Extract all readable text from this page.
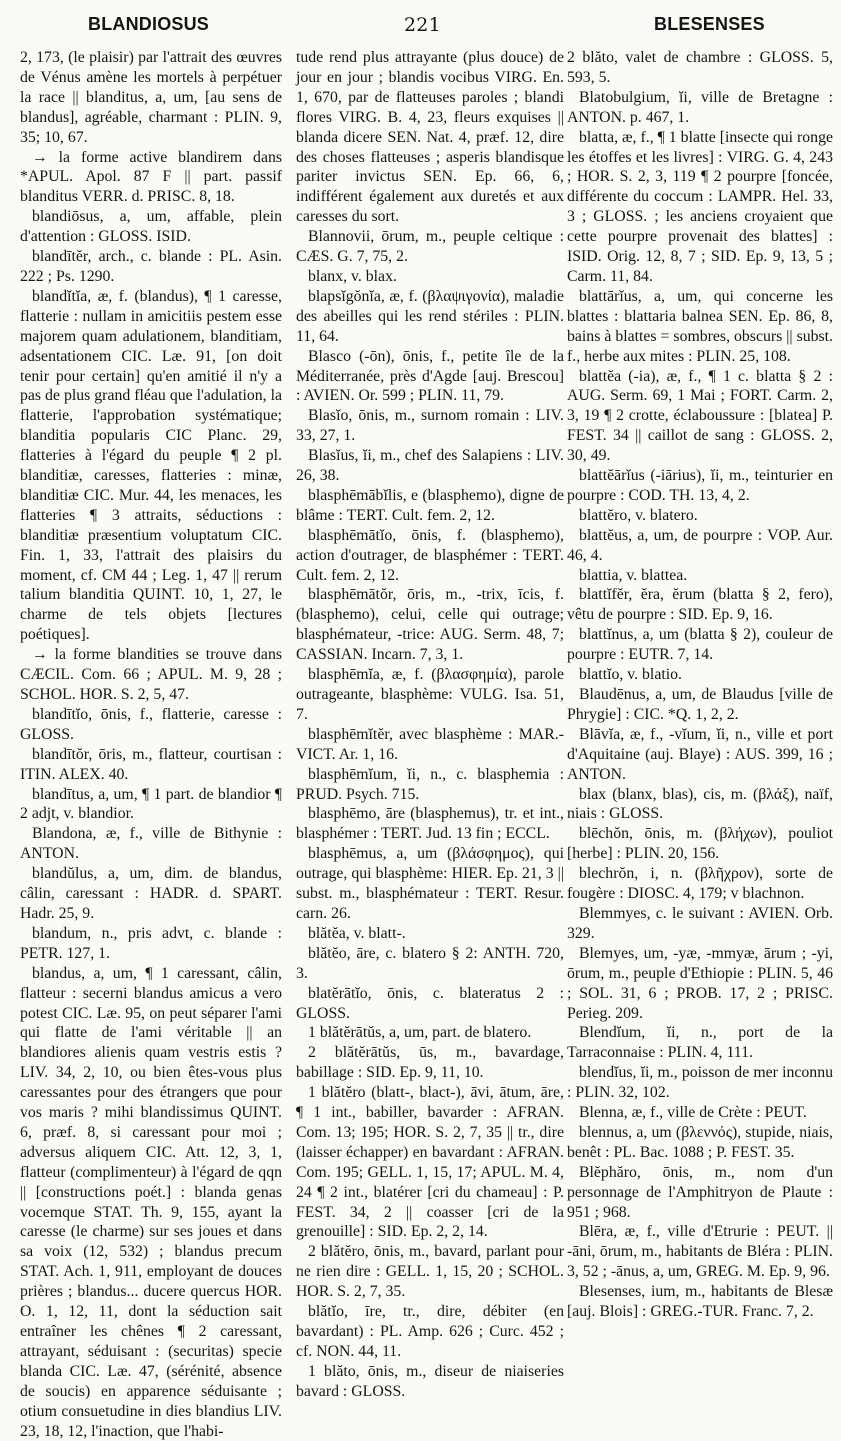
BLANDIOSUS	221	BLESENSES

2, 173, (le plaisir) par l'attrait des œuvres de Vénus amène les mortels à perpétuer la race || blanditus, a, um, [au sens de blandus], agréable, charmant : PLIN. 9, 35; 10, 67.

→ la forme active blandirem dans *APUL. Apol. 87 F || part. passif blanditus VERR. d. PRISC. 8, 18.

blandiōsus, a, um, affable, plein d'attention : GLOSS. ISID.

blandītĕr, arch., c. blande : PL. Asin. 222 ; Ps. 1290.

blandĭtĭa, æ, f. (blandus), ¶ 1 caresse, flatterie : nullam in amicitiis pestem esse majorem quam adulationem, blanditiam, adsentationem CIC. Læ. 91, [on doit tenir pour certain] qu'en amitié il n'y a pas de plus grand fléau que l'adulation, la flatterie, l'approbation systématique; blanditia popularis CIC Planc. 29, flatteries à l'égard du peuple ¶ 2 pl. blanditiæ, caresses, flatteries : minæ, blanditiæ CIC. Mur. 44, les menaces, les flatteries ¶ 3 attraits, séductions : blanditiæ præsentium voluptatum CIC. Fin. 1, 33, l'attrait des plaisirs du moment, cf. CM 44 ; Leg. 1, 47 || rerum talium blanditia QUINT. 10, 1, 27, le charme de tels objets [lectures poétiques].

→ la forme blandities se trouve dans CÆCIL. Com. 66 ; APUL. M. 9, 28 ; SCHOL. HOR. S. 2, 5, 47.

blandītĭo, ōnis, f., flatterie, caresse : GLOSS.

blandītŏr, ōris, m., flatteur, courtisan : ITIN. ALEX. 40.

blandītus, a, um, ¶ 1 part. de blandior ¶ 2 adjt, v. blandior.

Blandona, æ, f., ville de Bithynie : ANTON.

blandŭlus, a, um, dim. de blandus, câlin, caressant : HADR. d. SPART. Hadr. 25, 9.

blandum, n., pris advt, c. blande : PETR. 127, 1.

blandus, a, um, ¶ 1 caressant, câlin, flatteur : secerni blandus amicus a vero potest CIC. Læ. 95, on peut séparer l'ami qui flatte de l'ami véritable || an blandiores alienis quam vestris estis ? LIV. 34, 2, 10, ou bien êtes-vous plus caressantes pour des étrangers que pour vos maris ? mihi blandissimus QUINT. 6, præf. 8, si caressant pour moi ; adversus aliquem CIC. Att. 12, 3, 1, flatteur (complimenteur) à l'égard de qqn || [constructions poét.] : blanda genas vocemque STAT. Th. 9, 155, ayant la caresse (le charme) sur ses joues et dans sa voix (12, 532) ; blandus precum STAT. Ach. 1, 911, employant de douces prières ; blandus... ducere quercus HOR. O. 1, 12, 11, dont la séduction sait entraîner les chênes ¶ 2 caressant, attrayant, séduisant : (securitas) specie blanda CIC. Læ. 47, (sérénité, absence de soucis) en apparence séduisante ; otium consuetudine in dies blandius LIV. 23, 18, 12, l'inaction, que l'habi-

tude rend plus attrayante (plus douce) de jour en jour ; blandis vocibus VIRG. En. 1, 670, par de flatteuses paroles ; blandi flores VIRG. B. 4, 23, fleurs exquises || blanda dicere SEN. Nat. 4, præf. 12, dire des choses flatteuses ; asperis blandisque pariter invictus SEN. Ep. 66, 6, indifférent également aux duretés et aux caresses du sort.

Blannovii, ōrum, m., peuple celtique : CÆS. G. 7, 75, 2.

blanx, v. blax.

blapsĭgŏnĭa, æ, f. (βλαψιγονία), maladie des abeilles qui les rend stériles : PLIN. 11, 64.

Blasco (-ōn), ōnis, f., petite île de la Méditerranée, près d'Agde [auj. Brescou] : AVIEN. Or. 599 ; PLIN. 11, 79.

Blasĭo, ōnis, m., surnom romain : LIV. 33, 27, 1.

Blasĭus, ĭi, m., chef des Salapiens : LIV. 26, 38.

blasphēmābĭlis, e (blasphemo), digne de blâme : TERT. Cult. fem. 2, 12.

blasphēmātĭo, ōnis, f. (blasphemo), action d'outrager, de blasphémer : TERT. Cult. fem. 2, 12.

blasphēmātŏr, ōris, m., -trix, īcis, f. (blasphemo), celui, celle qui outrage; blasphémateur, -trice: AUG. Serm. 48, 7; CASSIAN. Incarn. 7, 3, 1.

blasphēmĭa, æ, f. (βλασφημία), parole outrageante, blasphème: VULG. Isa. 51, 7.

blasphēmĭtĕr, avec blasphème : MAR.-VICT. Ar. 1, 16.

blasphēmĭum, ĭi, n., c. blasphemia : PRUD. Psych. 715.

blasphēmo, āre (blasphemus), tr. et int., blasphémer : TERT. Jud. 13 fin ; ECCL.

blasphēmus, a, um (βλάσφημος), qui outrage, qui blasphème: HIER. Ep. 21, 3 || subst. m., blasphémateur : TERT. Resur. carn. 26.

blătĕa, v. blatt-.

blătĕo, āre, c. blatero § 2: ANTH. 720, 3.

blatĕrātĭo, ōnis, c. blateratus 2 : GLOSS.

1 blătĕrātŭs, a, um, part. de blatero.

2 blătĕrātŭs, ūs, m., bavardage, babillage : SID. Ep. 9, 11, 10.

1 blătĕro (blatt-, blact-), āvi, ātum, āre, ¶ 1 int., babiller, bavarder : AFRAN. Com. 13; 195; HOR. S. 2, 7, 35 || tr., dire (laisser échapper) en bavardant : AFRAN. Com. 195; GELL. 1, 15, 17; APUL. M. 4, 24 ¶ 2 int., blatérer [cri du chameau] : P. FEST. 34, 2 || coasser [cri de la grenouille] : SID. Ep. 2, 2, 14.

2 blătĕro, ōnis, m., bavard, parlant pour ne rien dire : GELL. 1, 15, 20 ; SCHOL. HOR. S. 2, 7, 35.

blătĭo, īre, tr., dire, débiter (en bavardant) : PL. Amp. 626 ; Curc. 452 ; cf. NON. 44, 11.

1 blăto, ōnis, m., diseur de niaiseries bavard : GLOSS.

2 blăto, valet de chambre : GLOSS. 5, 593, 5.

Blatobulgium, ĭi, ville de Bretagne : ANTON. p. 467, 1.

blatta, æ, f., ¶ 1 blatte [insecte qui ronge les étoffes et les livres] : VIRG. G. 4, 243 ; HOR. S. 2, 3, 119 ¶ 2 pourpre [foncée, différente du coccum : LAMPR. Hel. 33, 3 ; GLOSS. ; les anciens croyaient que cette pourpre provenait des blattes] : ISID. Orig. 12, 8, 7 ; SID. Ep. 9, 13, 5 ; Carm. 11, 84.

blattārĭus, a, um, qui concerne les blattes : blattaria balnea SEN. Ep. 86, 8, bains à blattes = sombres, obscurs || subst. f., herbe aux mites : PLIN. 25, 108.

blattĕa (-ia), æ, f., ¶ 1 c. blatta § 2 : AUG. Serm. 69, 1 Mai ; FORT. Carm. 2, 3, 19 ¶ 2 crotte, éclaboussure : [blatea] P. FEST. 34 || caillot de sang : GLOSS. 2, 30, 49.

blattĕārĭus (-iārius), ĭi, m., teinturier en pourpre : COD. TH. 13, 4, 2.

blattĕro, v. blatero.

blattĕus, a, um, de pourpre : VOP. Aur. 46, 4.

blattia, v. blattea.

blattĭfĕr, ĕra, ĕrum (blatta § 2, fero), vêtu de pourpre : SID. Ep. 9, 16.

blattĭnus, a, um (blatta § 2), couleur de pourpre : EUTR. 7, 14.

blattĭo, v. blatio.

Blaudēnus, a, um, de Blaudus [ville de Phrygie] : CIC. *Q. 1, 2, 2.

Blāvĭa, æ, f., -vĭum, ĭi, n., ville et port d'Aquitaine (auj. Blaye) : AUS. 399, 16 ; ANTON.

blax (blanx, blas), cis, m. (βλάξ), naïf, niais : GLOSS.

blēchŏn, ōnis, m. (βλήχων), pouliot [herbe] : PLIN. 20, 156.

blechrŏn, i, n. (βλῆχρον), sorte de fougère : DIOSC. 4, 179; v blachnon.

Blemmyes, c. le suivant : AVIEN. Orb. 329.

Blemyes, um, -yæ, -mmyæ, ārum ; -yi, ōrum, m., peuple d'Ethiopie : PLIN. 5, 46 ; SOL. 31, 6 ; PROB. 17, 2 ; PRISC. Perieg. 209.

Blendĭum, ĭi, n., port de la Tarraconnaise : PLIN. 4, 111.

blendĭus, ĭi, m., poisson de mer inconnu : PLIN. 32, 102.

Blenna, æ, f., ville de Crète : PEUT.

blennus, a, um (βλεννός), stupide, niais, benêt : PL. Bac. 1088 ; P. FEST. 35.

Blĕphăro, ōnis, m., nom d'un personnage de l'Amphitryon de Plaute : 951 ; 968.

Blēra, æ, f., ville d'Etrurie : PEUT. || -āni, ōrum, m., habitants de Bléra : PLIN. 3, 52 ; -ānus, a, um, GREG. M. Ep. 9, 96.

Blesenses, ium, m., habitants de Blesæ [auj. Blois] : GREG.-TUR. Franc. 7, 2.
